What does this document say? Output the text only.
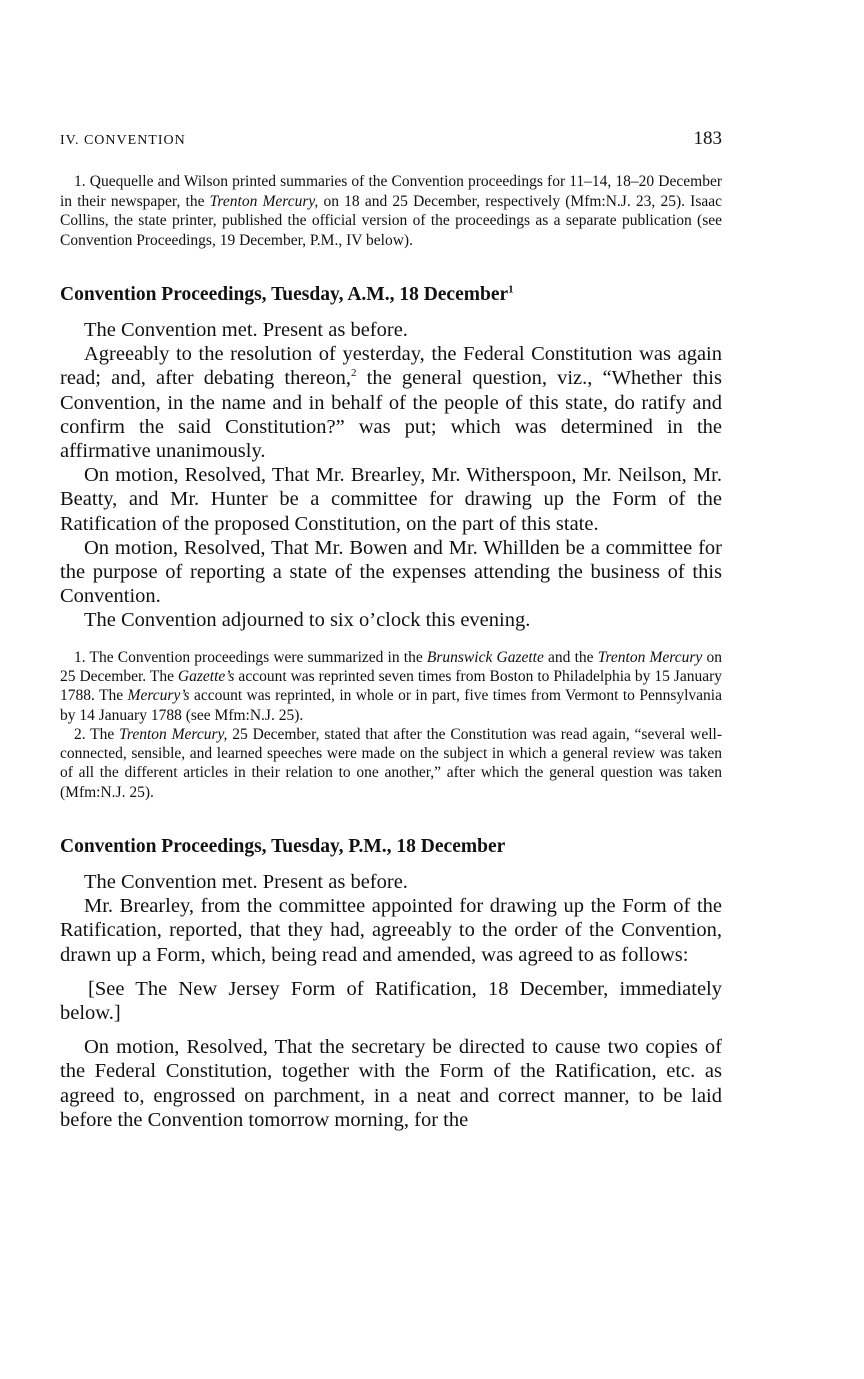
IV. CONVENTION	183

1. Quequelle and Wilson printed summaries of the Convention proceedings for 11–14, 18–20 December in their newspaper, the Trenton Mercury, on 18 and 25 December, respectively (Mfm:N.J. 23, 25). Isaac Collins, the state printer, published the official version of the proceedings as a separate publication (see Convention Proceedings, 19 December, P.M., IV below).

Convention Proceedings, Tuesday, A.M., 18 December$^1$

The Convention met. Present as before.

Agreeably to the resolution of yesterday, the Federal Constitution was again read; and, after debating thereon,$^2$ the general question, viz., “Whether this Convention, in the name and in behalf of the people of this state, do ratify and confirm the said Constitution?” was put; which was determined in the affirmative unanimously.

On motion, Resolved, That Mr. Brearley, Mr. Witherspoon, Mr. Neilson, Mr. Beatty, and Mr. Hunter be a committee for drawing up the Form of the Ratification of the proposed Constitution, on the part of this state.

On motion, Resolved, That Mr. Bowen and Mr. Whillden be a committee for the purpose of reporting a state of the expenses attending the business of this Convention.

The Convention adjourned to six o’clock this evening.

1. The Convention proceedings were summarized in the Brunswick Gazette and the Trenton Mercury on 25 December. The Gazette’s account was reprinted seven times from Boston to Philadelphia by 15 January 1788. The Mercury’s account was reprinted, in whole or in part, five times from Vermont to Pennsylvania by 14 January 1788 (see Mfm:N.J. 25).

2. The Trenton Mercury, 25 December, stated that after the Constitution was read again, “several well-connected, sensible, and learned speeches were made on the subject in which a general review was taken of all the different articles in their relation to one another,” after which the general question was taken (Mfm:N.J. 25).

Convention Proceedings, Tuesday, P.M., 18 December

The Convention met. Present as before.

Mr. Brearley, from the committee appointed for drawing up the Form of the Ratification, reported, that they had, agreeably to the order of the Convention, drawn up a Form, which, being read and amended, was agreed to as follows:

[See The New Jersey Form of Ratification, 18 December, immediately below.]

On motion, Resolved, That the secretary be directed to cause two copies of the Federal Constitution, together with the Form of the Ratification, etc. as agreed to, engrossed on parchment, in a neat and correct manner, to be laid before the Convention tomorrow morning, for the
